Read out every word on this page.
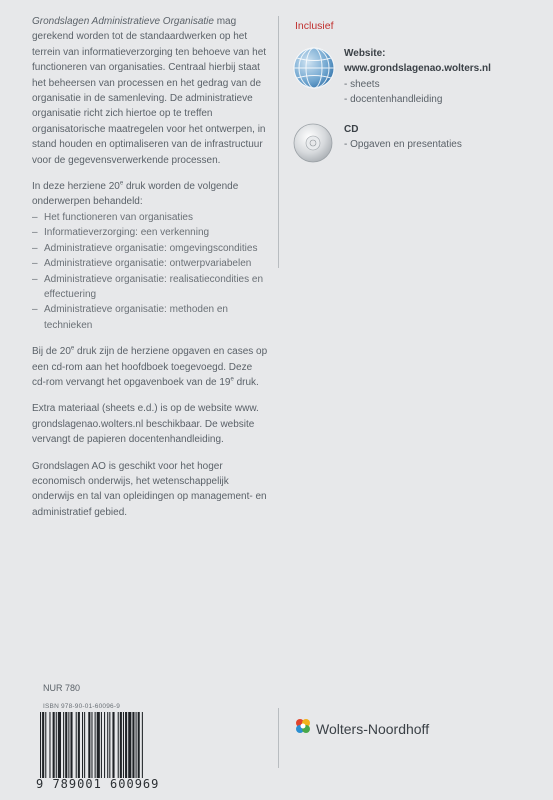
Grondslagen Administratieve Organisatie mag gerekend worden tot de standaardwerken op het terrein van informatieverzorging ten behoeve van het functioneren van organisaties. Centraal hierbij staat het beheersen van processen en het gedrag van de organisatie in de samenleving. De administratieve organisatie richt zich hiertoe op te treffen organisatorische maatregelen voor het ontwerpen, in stand houden en optimaliseren van de infrastructuur voor de gegevensverwerkende processen.

In deze herziene 20e druk worden de volgende onderwerpen behandeld:

– Het functioneren van organisaties
– Informatieverzorging: een verkenning
– Administratieve organisatie: omgevingscondities
– Administratieve organisatie: ontwerpvariabelen
– Administratieve organisatie: realisatiecondities en effectuering
– Administratieve organisatie: methoden en technieken

Bij de 20e druk zijn de herziene opgaven en cases op een cd-rom aan het hoofdboek toegevoegd. Deze cd-rom vervangt het opgavenboek van de 19e druk.

Extra materiaal (sheets e.d.) is op de website www. grondslagenao.wolters.nl beschikbaar. De website vervangt de papieren docentenhandleiding.

Grondslagen AO is geschikt voor het hoger economisch onderwijs, het wetenschappelijk onderwijs en tal van opleidingen op management- en administratief gebied.

Inclusief
Website:
www.grondslagenao.wolters.nl
- sheets
- docentenhandleiding
CD
- Opgaven en presentaties
NUR 780
ISBN 978-90-01-60096-9
9 789001 600969
Wolters-Noordhoff
